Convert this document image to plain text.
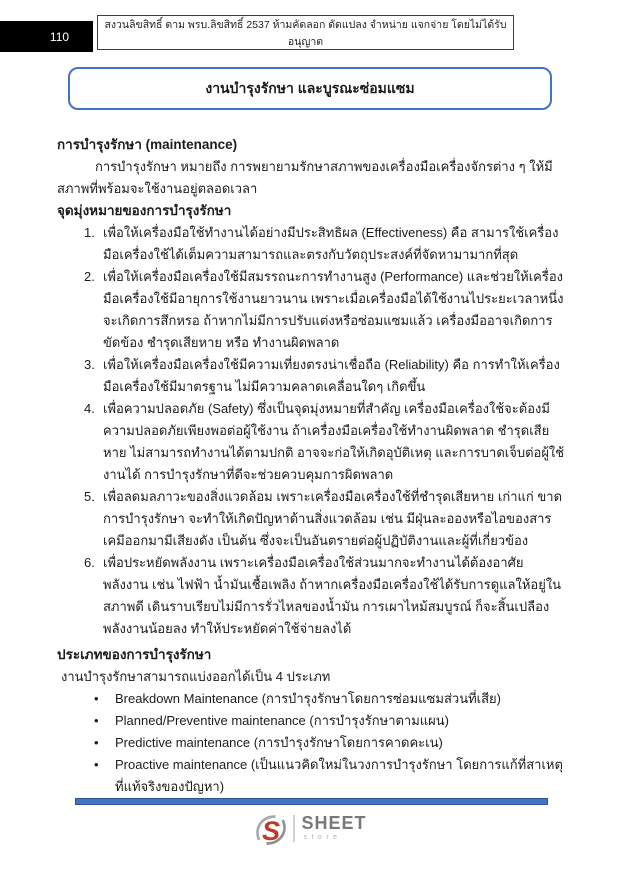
110
สงวนลิขสิทธิ์ ตาม พรบ.ลิขสิทธิ์ 2537 ห้ามคัดลอก ดัดแปลง จำหน่าย แจกจ่าย โดยไม่ได้รับอนุญาต
งานบำรุงรักษา และบูรณะซ่อมแซม
การบำรุงรักษา (maintenance)

การบำรุงรักษา หมายถึง การพยายามรักษาสภาพของเครื่องมือเครื่องจักรต่าง ๆ ให้มีสภาพที่พร้อมจะใช้งานอยู่ตลอดเวลา

จุดมุ่งหมายของการบำรุงรักษา
เพื่อให้เครื่องมือใช้ทำงานได้อย่างมีประสิทธิผล (Effectiveness) คือ สามารใช้เครื่องมือเครื่องใช้ได้เต็มความสามารถและตรงกับวัตถุประสงค์ที่จัดหามามากที่สุด
เพื่อให้เครื่องมือเครื่องใช้มีสมรรถนะการทำงานสูง (Performance) และช่วยให้เครื่องมือเครื่องใช้มีอายุการใช้งานยาวนาน เพราะเมื่อเครื่องมือได้ใช้งานไประยะเวลาหนึ่งจะเกิดการสึกหรอ ถ้าหากไม่มีการปรับแต่งหรือซ่อมแซมแล้ว เครื่องมืออาจเกิดการขัดข้อง ชำรุดเสียหาย หรือ ทำงานผิดพลาด
เพื่อให้เครื่องมือเครื่องใช้มีความเที่ยงตรงน่าเชื่อถือ (Reliability) คือ การทำให้เครื่องมือเครื่องใช้มีมาตรฐาน ไม่มีความคลาดเคลื่อนใดๆ เกิดขึ้น
เพื่อความปลอดภัย (Safety) ซึ่งเป็นจุดมุ่งหมายที่สำคัญ เครื่องมือเครื่องใช้จะต้องมีความปลอดภัยเพียงพอต่อผู้ใช้งาน ถ้าเครื่องมือเครื่องใช้ทำงานผิดพลาด ชำรุดเสียหาย ไม่สามารถทำงานได้ตามปกติ อาจจะก่อให้เกิดอุบัติเหตุ และการบาดเจ็บต่อผู้ใช้งานได้ การบำรุงรักษาที่ดีจะช่วยควบคุมการผิดพลาด
เพื่อลดมลภาวะของสิ่งแวดล้อม เพราะเครื่องมือเครื่องใช้ที่ชำรุดเสียหาย เก่าแก่ ขาดการบำรุงรักษา จะทำให้เกิดปัญหาด้านสิ่งแวดล้อม เช่น มีฝุ่นละอองหรือไอของสารเคมีออกมามีเสียงดัง เป็นต้น ซึ่งจะเป็นอันตรายต่อผู้ปฏิบัติงานและผู้ที่เกี่ยวข้อง
เพื่อประหยัดพลังงาน เพราะเครื่องมือเครื่องใช้ส่วนมากจะทำงานได้ต้องอาศัยพลังงาน เช่น ไฟฟ้า น้ำมันเชื้อเพลิง ถ้าหากเครื่องมือเครื่องใช้ได้รับการดูแลให้อยู่ในสภาพดี เดินราบเรียบไม่มีการรั่วไหลของน้ำมัน การเผาไหม้สมบูรณ์ ก็จะสิ้นเปลืองพลังงานน้อยลง ทำให้ประหยัดค่าใช้จ่ายลงได้
ประเภทของการบำรุงรักษา

งานบำรุงรักษาสามารถแบ่งออกได้เป็น 4 ประเภท

• Breakdown Maintenance (การบำรุงรักษาโดยการซ่อมแซมส่วนที่เสีย)
• Planned/Preventive maintenance (การบำรุงรักษาตามแผน)
• Predictive maintenance (การบำรุงรักษาโดยการคาดคะเน)
• Proactive maintenance (เป็นแนวคิดใหม่ในวงการบำรุงรักษา โดยการแก้ที่สาเหตุที่แท้จริงของปัญหา)
S SHEET
store
